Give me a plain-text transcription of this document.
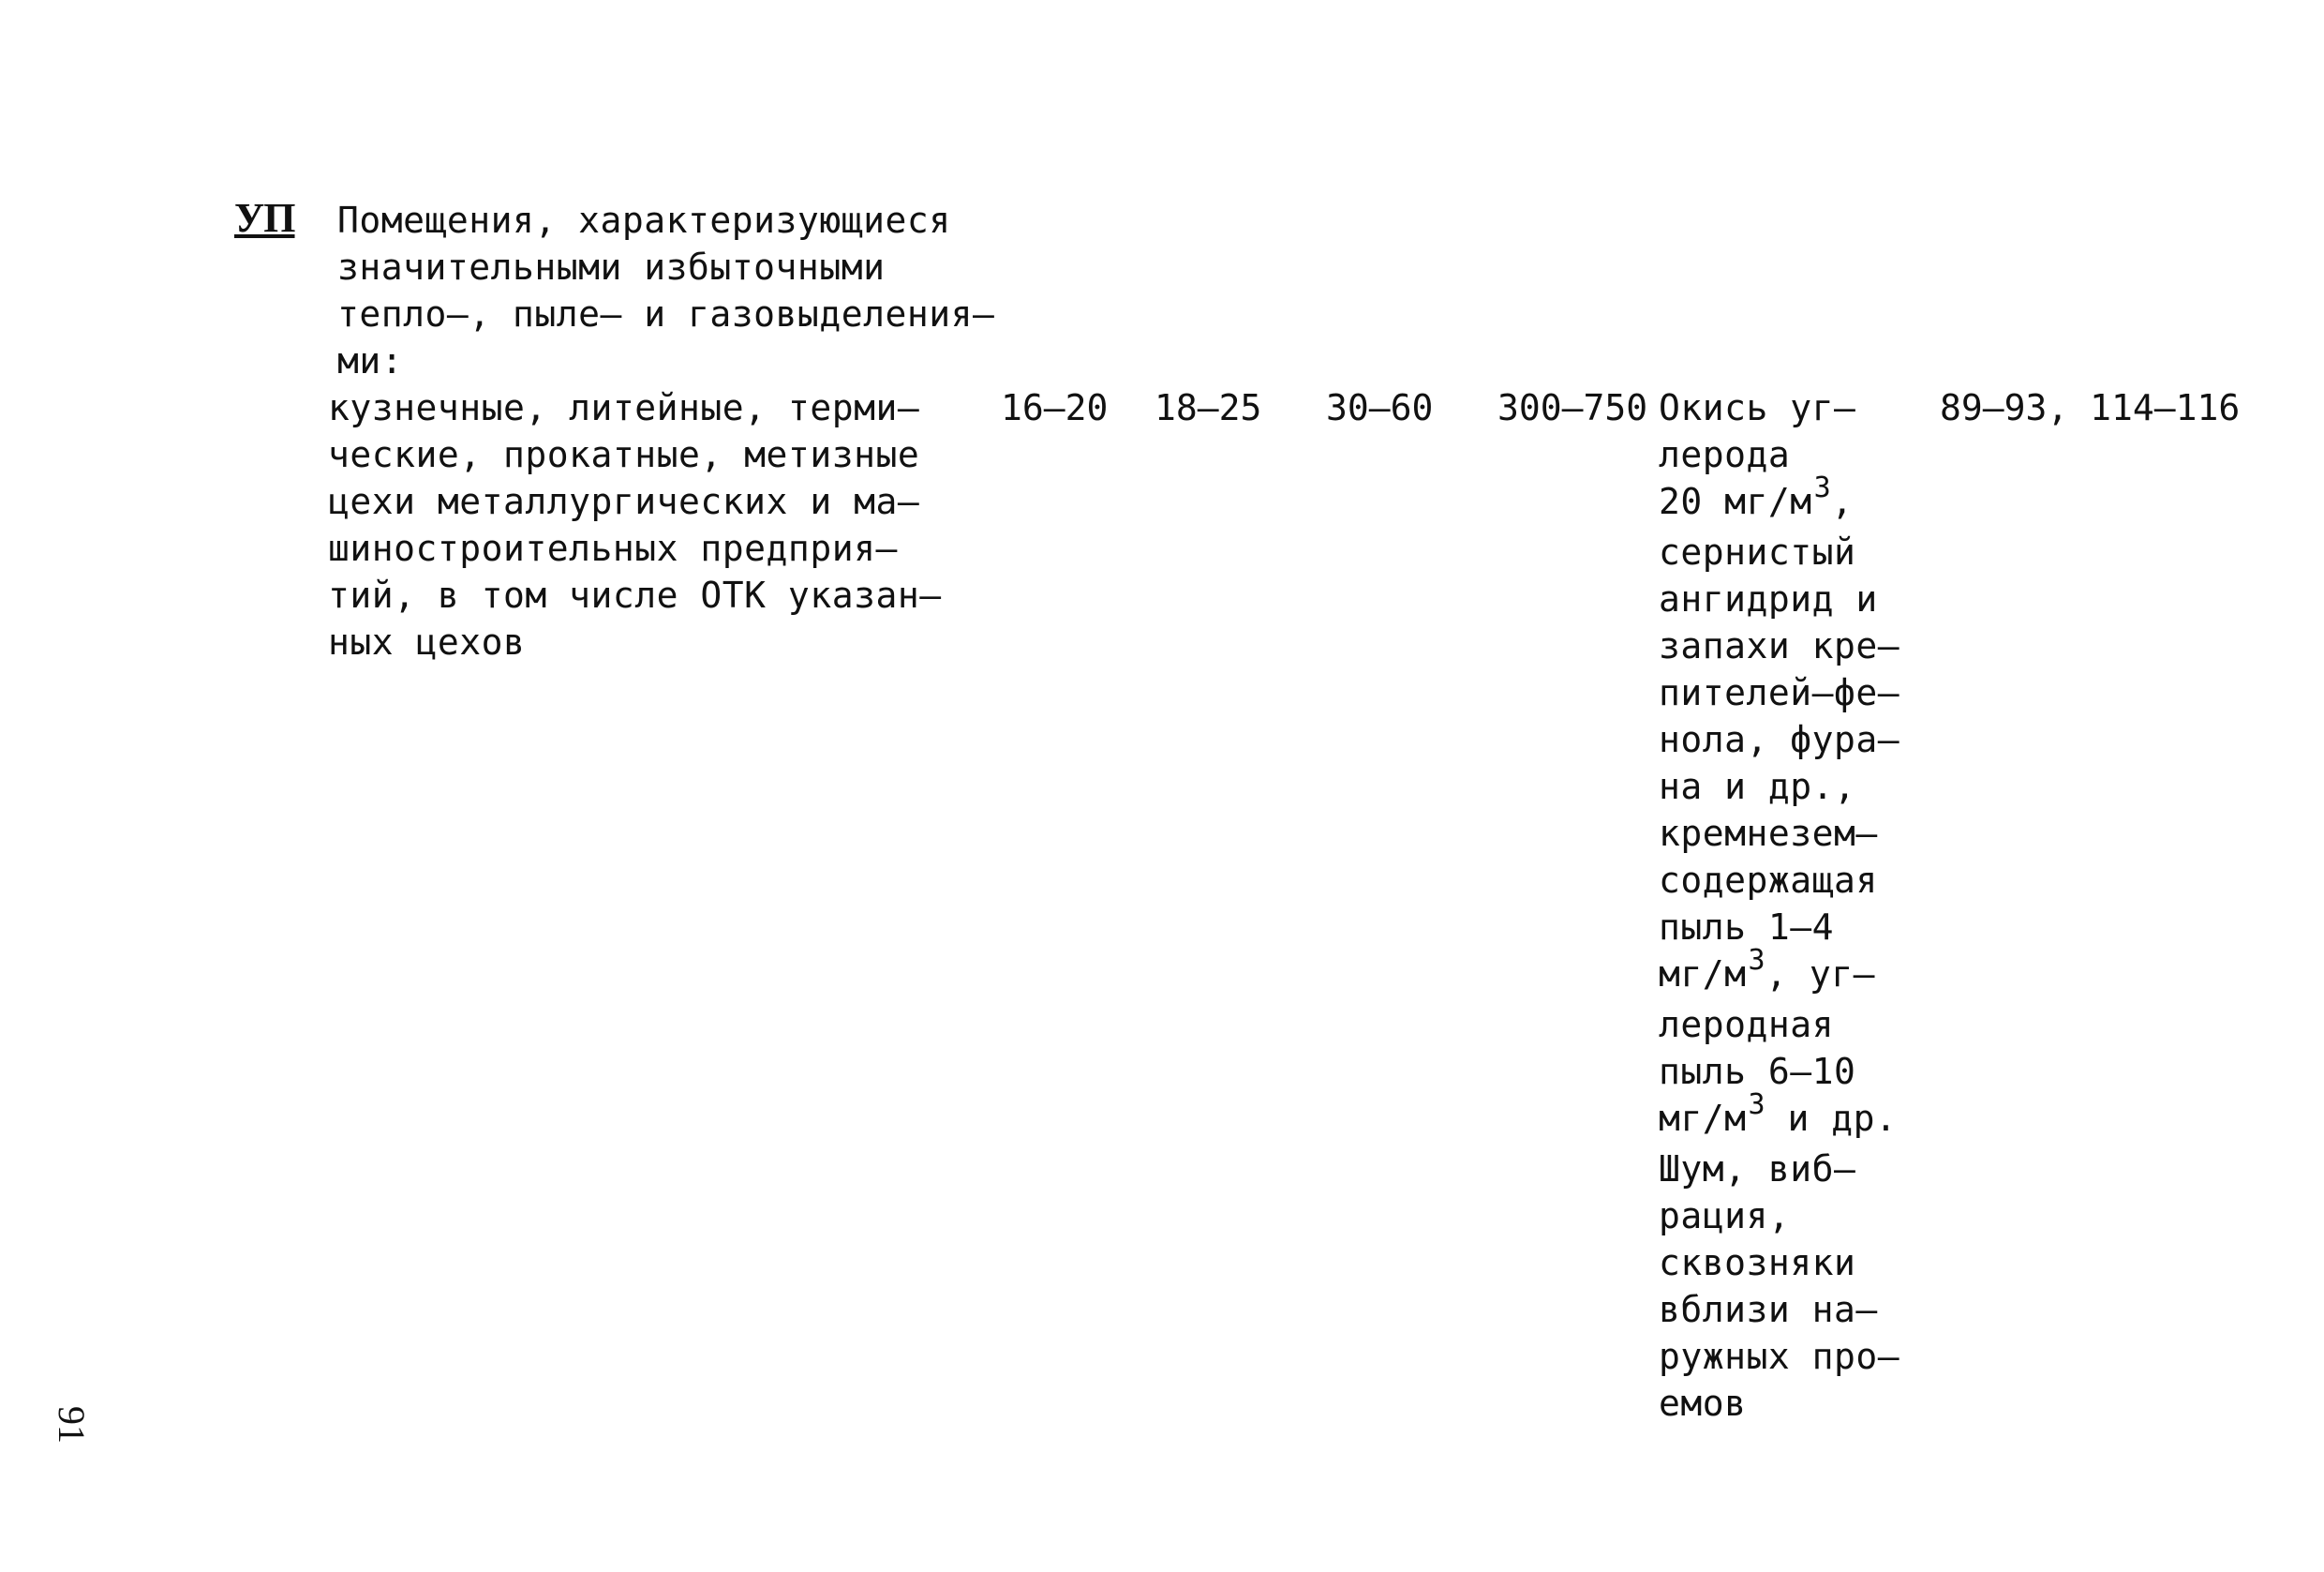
УП Помещения, характеризующиеся
значительными избыточными
тепло–, пыле– и газовыделения–
ми:
кузнечные, литейные, терми–
ческие, прокатные, метизные
цехи металлургических и ма–
шиностроительных предприя–
тий, в том числе ОТК указан–
ных цехов
16–20 18–25 30–60 300–750 Окись уг–
лерода
20 $мг/м^3$,
сернистый
ангидрид и
запахи кре–
пителей–фе–
нола, фура–
на и др.,
кремнезем–
содержащая
пыль 1–4
$мг/м^3$, уг–
леродная
пыль 6–10
$мг/м^3$ и др.
Шум, виб–
рация,
сквозняки
вблизи на–
ружных про–
емов
89–93, 114–116
91
